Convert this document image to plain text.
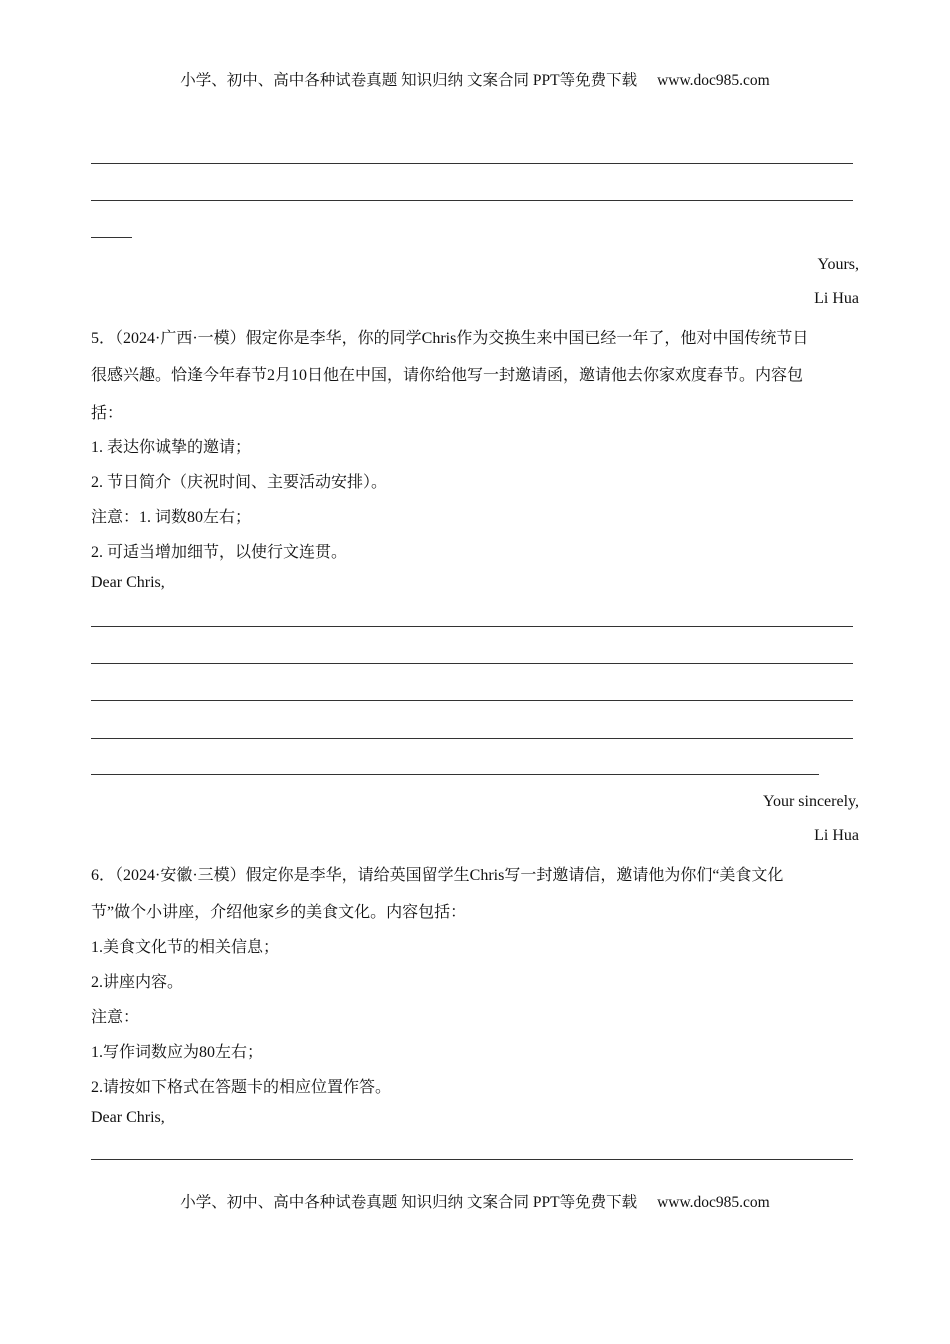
小学、初中、高中各种试卷真题 知识归纳 文案合同 PPT等免费下载 www.doc985.com
Yours,
Li Hua
5．（2024·广西·一模）假定你是李华，你的同学Chris作为交换生来中国已经一年了，他对中国传统节日
很感兴趣。恰逢今年春节2月10日他在中国，请你给他写一封邀请函，邀请他去你家欢度春节。内容包
括：
1. 表达你诚挚的邀请；
2. 节日简介（庆祝时间、主要活动安排）。
注意：1. 词数80左右；
2. 可适当增加细节，以使行文连贯。
Dear Chris,
Your sincerely,
Li Hua
6．（2024·安徽·三模）假定你是李华，请给英国留学生Chris写一封邀请信，邀请他为你们“美食文化
节”做个小讲座，介绍他家乡的美食文化。内容包括：
1.美食文化节的相关信息；
2.讲座内容。
注意：
1.写作词数应为80左右；
2.请按如下格式在答题卡的相应位置作答。
Dear Chris,
小学、初中、高中各种试卷真题 知识归纳 文案合同 PPT等免费下载 www.doc985.com
